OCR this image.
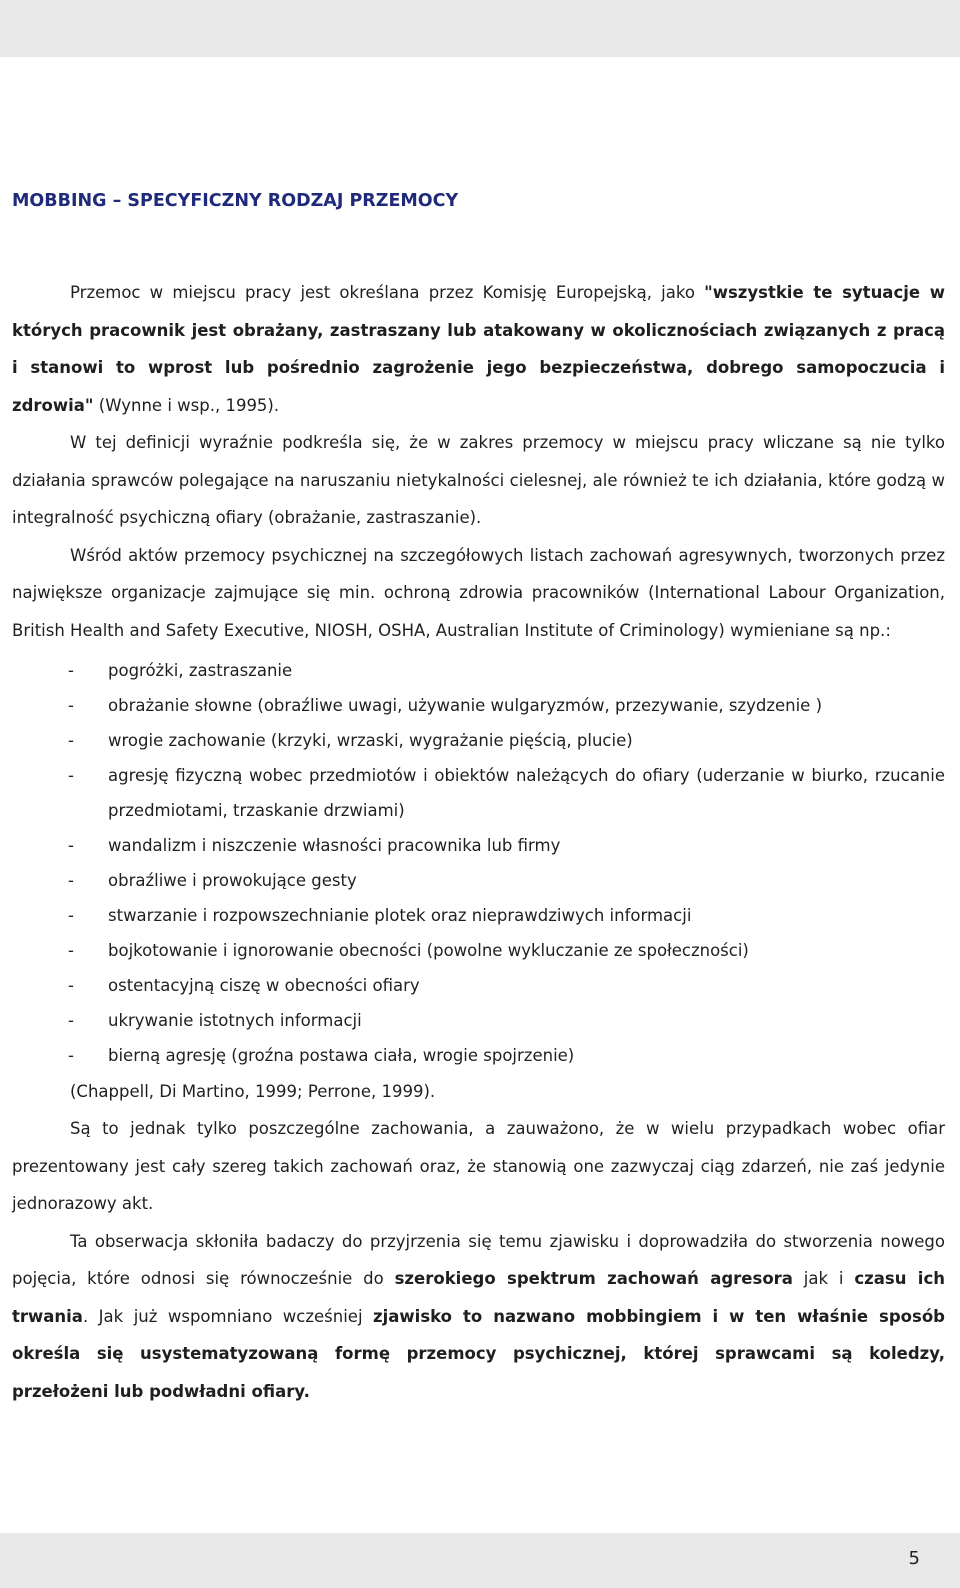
MOBBING – SPECYFICZNY RODZAJ PRZEMOCY

Przemoc w miejscu pracy jest określana przez Komisję Europejską, jako "wszystkie te sytuacje w których pracownik jest obrażany, zastraszany lub atakowany w okolicznościach związanych z pracą i stanowi to wprost lub pośrednio zagrożenie jego bezpieczeństwa, dobrego samopoczucia i zdrowia" (Wynne i wsp., 1995).

W tej definicji wyraźnie podkreśla się, że w zakres przemocy w miejscu pracy wliczane są nie tylko działania sprawców polegające na naruszaniu nietykalności cielesnej, ale również te ich działania, które godzą w integralność psychiczną ofiary (obrażanie, zastraszanie).

Wśród aktów przemocy psychicznej na szczegółowych listach zachowań agresywnych, tworzonych przez największe organizacje zajmujące się min. ochroną zdrowia pracowników (International Labour Organization, British Health and Safety Executive, NIOSH, OSHA, Australian Institute of Criminology) wymieniane są np.:

- pogróżki, zastraszanie
- obrażanie słowne (obraźliwe uwagi, używanie wulgaryzmów, przezywanie, szydzenie )
- wrogie zachowanie (krzyki, wrzaski, wygrażanie pięścią, plucie)
- agresję fizyczną wobec przedmiotów i obiektów należących do ofiary (uderzanie w biurko, rzucanie przedmiotami, trzaskanie drzwiami)
- wandalizm i niszczenie własności pracownika lub firmy
- obraźliwe i prowokujące gesty
- stwarzanie i rozpowszechnianie plotek oraz nieprawdziwych informacji
- bojkotowanie i ignorowanie obecności (powolne wykluczanie ze społeczności)
- ostentacyjną ciszę w obecności ofiary
- ukrywanie istotnych informacji
- bierną agresję (groźna postawa ciała, wrogie spojrzenie)
(Chappell, Di Martino, 1999; Perrone, 1999).

Są to jednak tylko poszczególne zachowania, a zauważono, że w wielu przypadkach wobec ofiar prezentowany jest cały szereg takich zachowań oraz, że stanowią one zazwyczaj ciąg zdarzeń, nie zaś jedynie jednorazowy akt.

Ta obserwacja skłoniła badaczy do przyjrzenia się temu zjawisku i doprowadziła do stworzenia nowego pojęcia, które odnosi się równocześnie do szerokiego spektrum zachowań agresora jak i czasu ich trwania. Jak już wspomniano wcześniej zjawisko to nazwano mobbingiem i w ten właśnie sposób określa się usystematyzowaną formę przemocy psychicznej, której sprawcami są koledzy, przełożeni lub podwładni ofiary.

5
